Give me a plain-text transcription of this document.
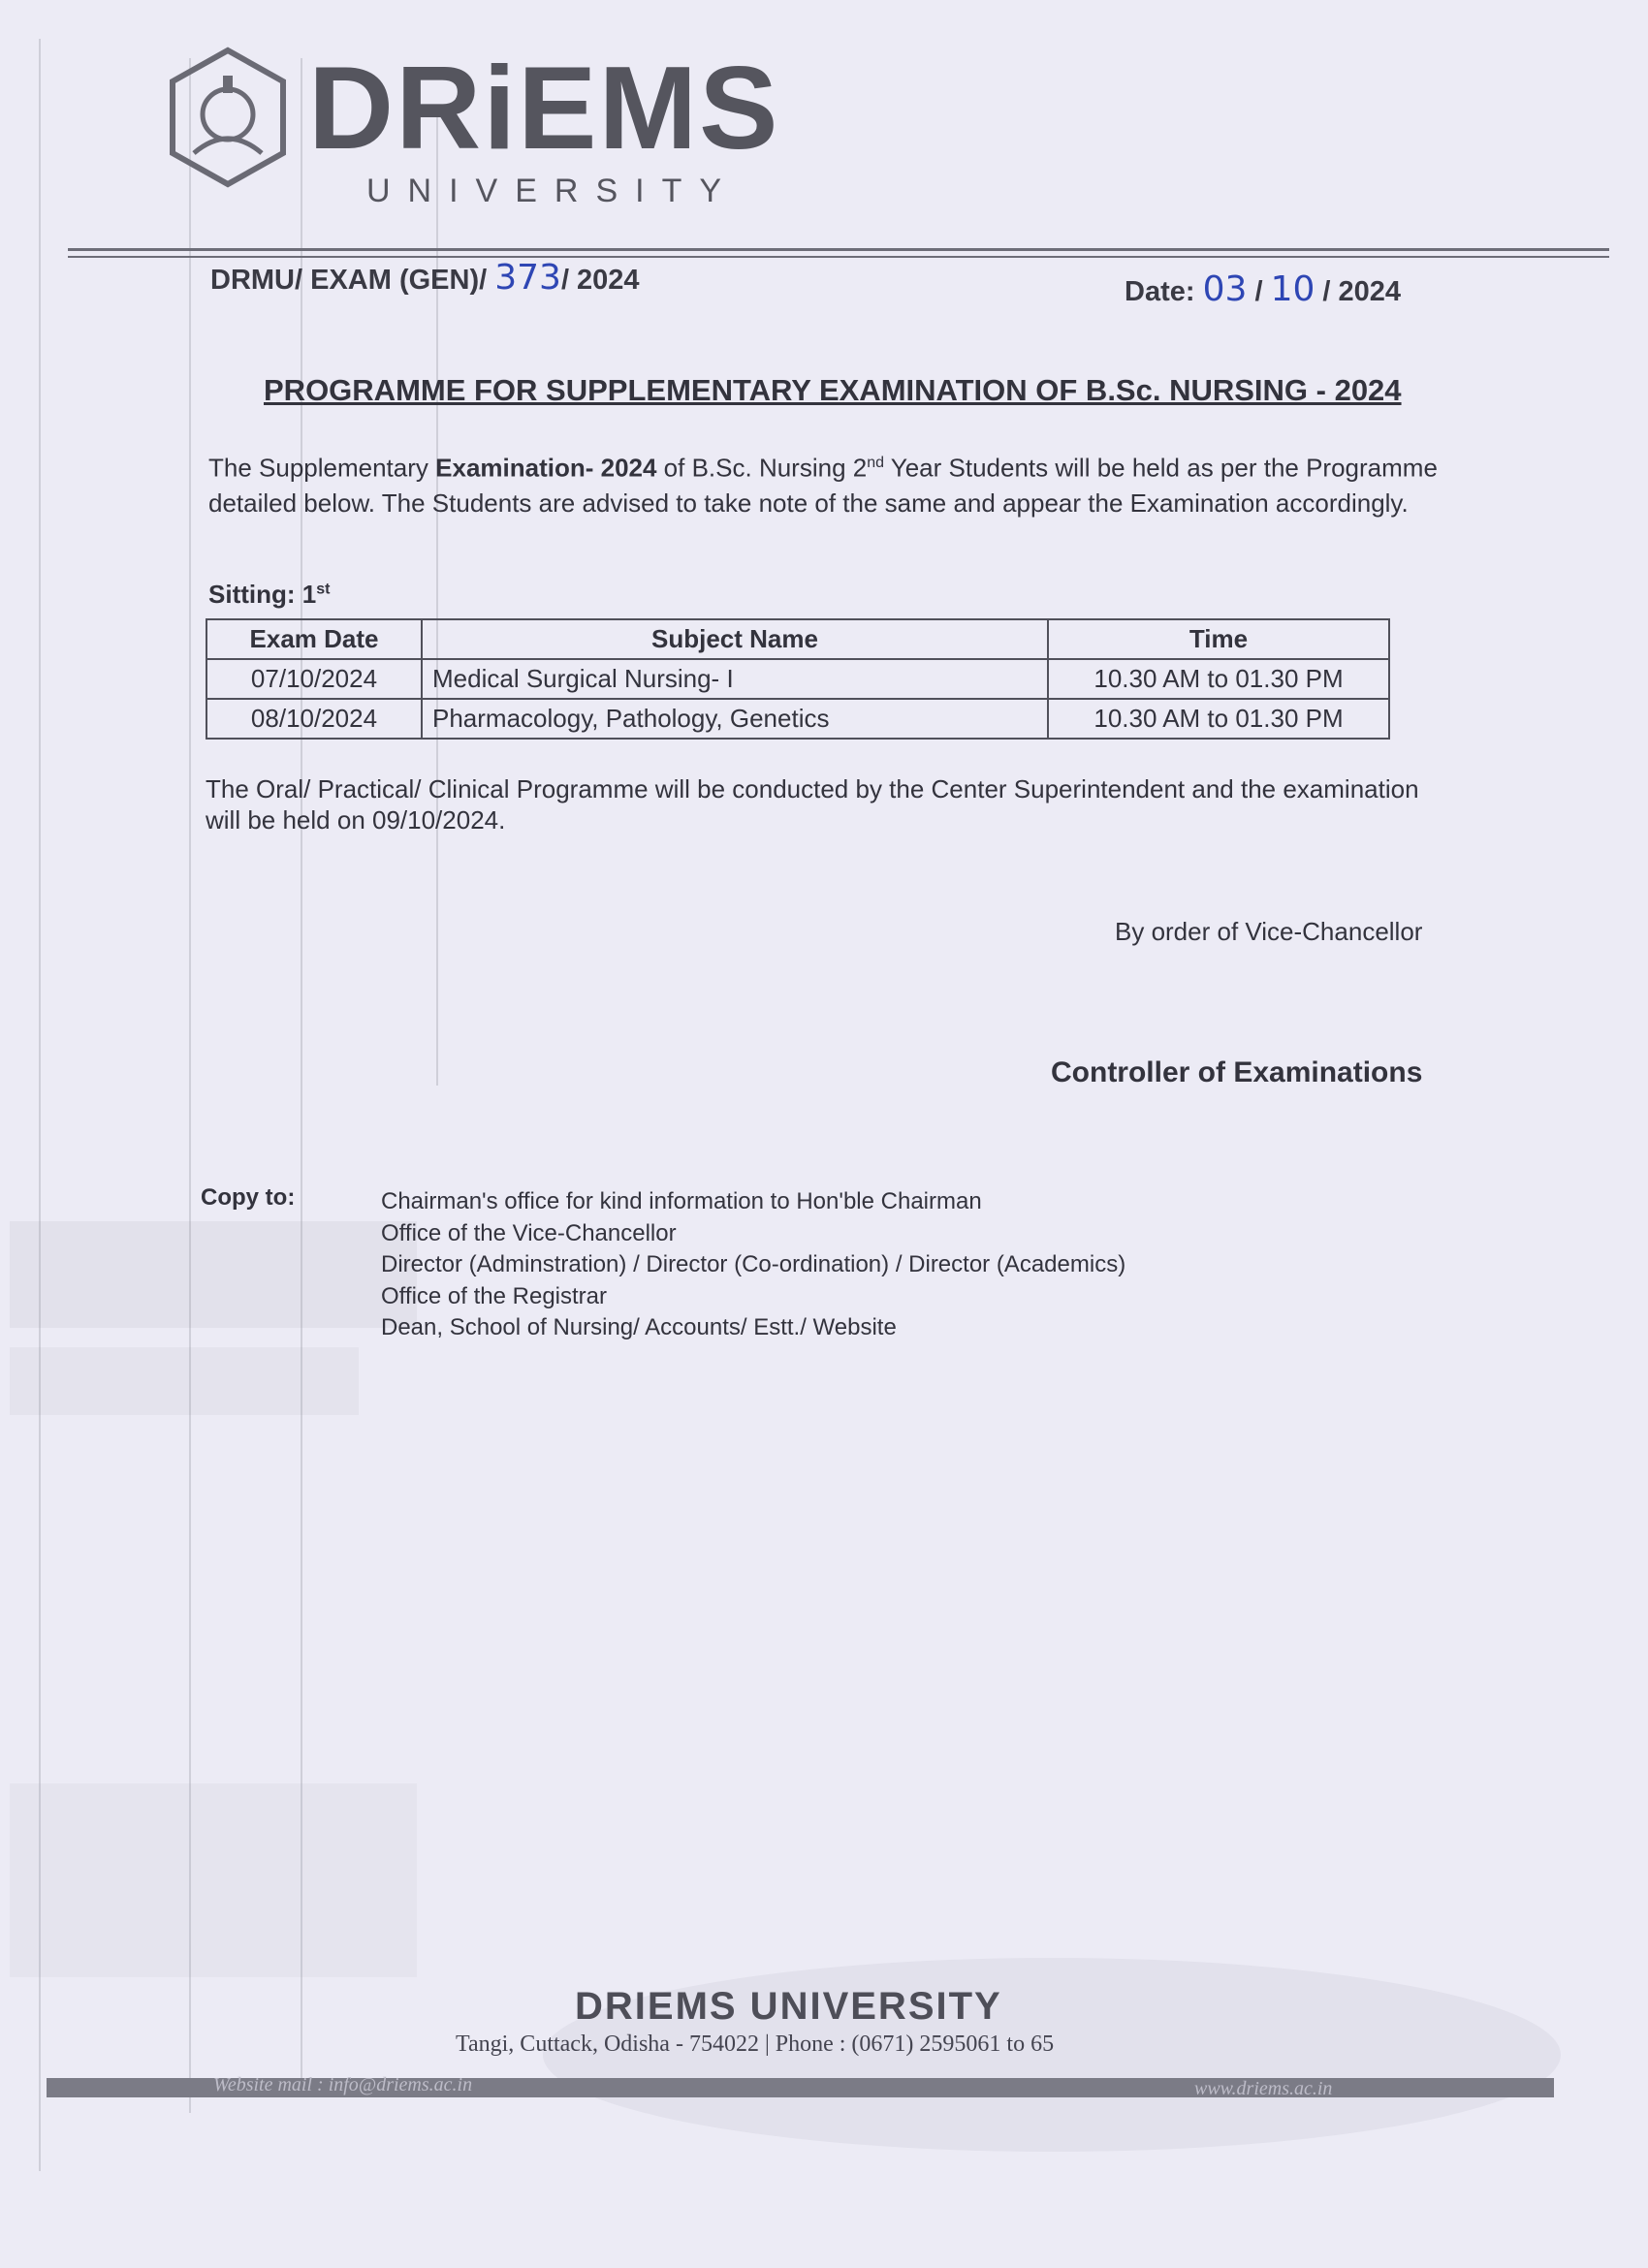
DRiEMS
UNIVERSITY
DRMU/ EXAM (GEN)/ 373/ 2024	Date: 03 / 10 / 2024
PROGRAMME FOR SUPPLEMENTARY EXAMINATION OF B.Sc. NURSING - 2024
The Supplementary Examination- 2024 of B.Sc. Nursing 2nd Year Students will be held as per the Programme detailed below. The Students are advised to take note of the same and appear the Examination accordingly.
Sitting: 1st
Exam Date	Subject Name	Time
07/10/2024	Medical Surgical Nursing- I	10.30 AM to 01.30 PM
08/10/2024	Pharmacology, Pathology, Genetics	10.30 AM to 01.30 PM
The Oral/ Practical/ Clinical Programme will be conducted by the Center Superintendent and the examination will be held on 09/10/2024.
By order of Vice-Chancellor
Controller of Examinations
Copy to:	Chairman's office for kind information to Hon'ble Chairman
Office of the Vice-Chancellor
Director (Adminstration) / Director (Co-ordination) / Director (Academics)
Office of the Registrar
Dean, School of Nursing/ Accounts/ Estt./ Website
DRIEMS UNIVERSITY
Tangi, Cuttack, Odisha - 754022 | Phone : (0671) 2595061 to 65
Website mail : info@driems.ac.in	www.driems.ac.in
